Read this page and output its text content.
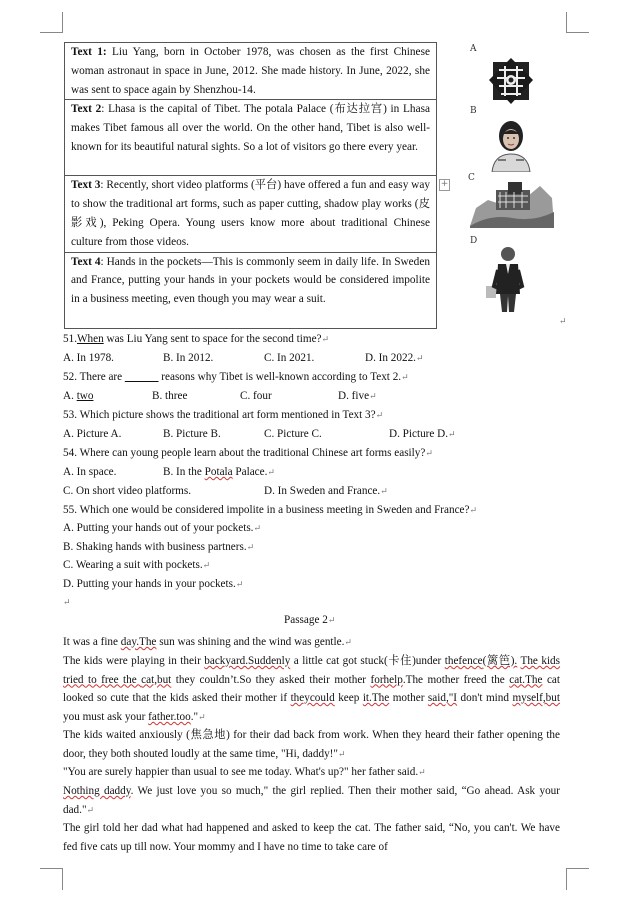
Text 1: Liu Yang, born in October 1978, was chosen as the first Chinese woman astronaut in space in June, 2012. She made history. In June, 2022, she was sent to space again by Shenzhou-14.
Text 2: Lhasa is the capital of Tibet. The potala Palace (布达拉宫) in Lhasa makes Tibet famous all over the world. On the other hand, Tibet is also well-known for its beautiful natural sights. So a lot of visitors go there every year.
Text 3: Recently, short video platforms (平台) have offered a fun and easy way to show the traditional art forms, such as paper cutting, shadow play works (皮影戏), Peking Opera. Young users know more about traditional Chinese culture from those videos.
Text 4: Hands in the pockets—This is commonly seem in daily life. In Sweden and France, putting your hands in your pockets would be considered impolite in a business meeting, even though you may wear a suit.
+
A
B
C
D
↵
51.When was Liu Yang sent to space for the second time?↵
A. In 1978.	B. In 2012.	C. In 2021.	D. In 2022.↵
52. There are ______ reasons why Tibet is well-known according to Text 2.↵
A. two	B. three	C. four	D. five↵
53. Which picture shows the traditional art form mentioned in Text 3?↵
A. Picture A.	B. Picture B.	C. Picture C.	D. Picture D.↵
54. Where can young people learn about the traditional Chinese art forms easily?↵
A. In space.	B. In the Potala Palace.↵
C. On short video platforms.	D. In Sweden and France.↵
55. Which one would be considered impolite in a business meeting in Sweden and France?↵
A. Putting your hands out of your pockets.↵
B. Shaking hands with business partners.↵
C. Wearing a suit with pockets.↵
D. Putting your hands in your pockets.↵
↵
Passage 2↵
It was a fine day.The sun was shining and the wind was gentle.↵
The kids were playing in their backyard.Suddenly a little cat got stuck(卡住)under thefence(篱笆). The kids tried to free the cat,but they couldn’t.So they asked their mother forhelp.The mother freed the cat.The cat looked so cute that the kids asked their mother if theycould keep it.The mother said,"I don't mind myself,but you must ask your father.too."↵
The kids waited anxiously (焦急地) for their dad back from work. When they heard their father opening the door, they both shouted loudly at the same time, "Hi, daddy!"↵
"You are surely happier than usual to see me today. What's up?" her father said.↵
Nothing daddy. We just love you so much," the girl replied. Then their mother said, “Go ahead. Ask your dad."↵
The girl told her dad what had happened and asked to keep the cat. The father said, “No, you can't. We have fed five cats up till now. Your mommy and I have no time to take care of
